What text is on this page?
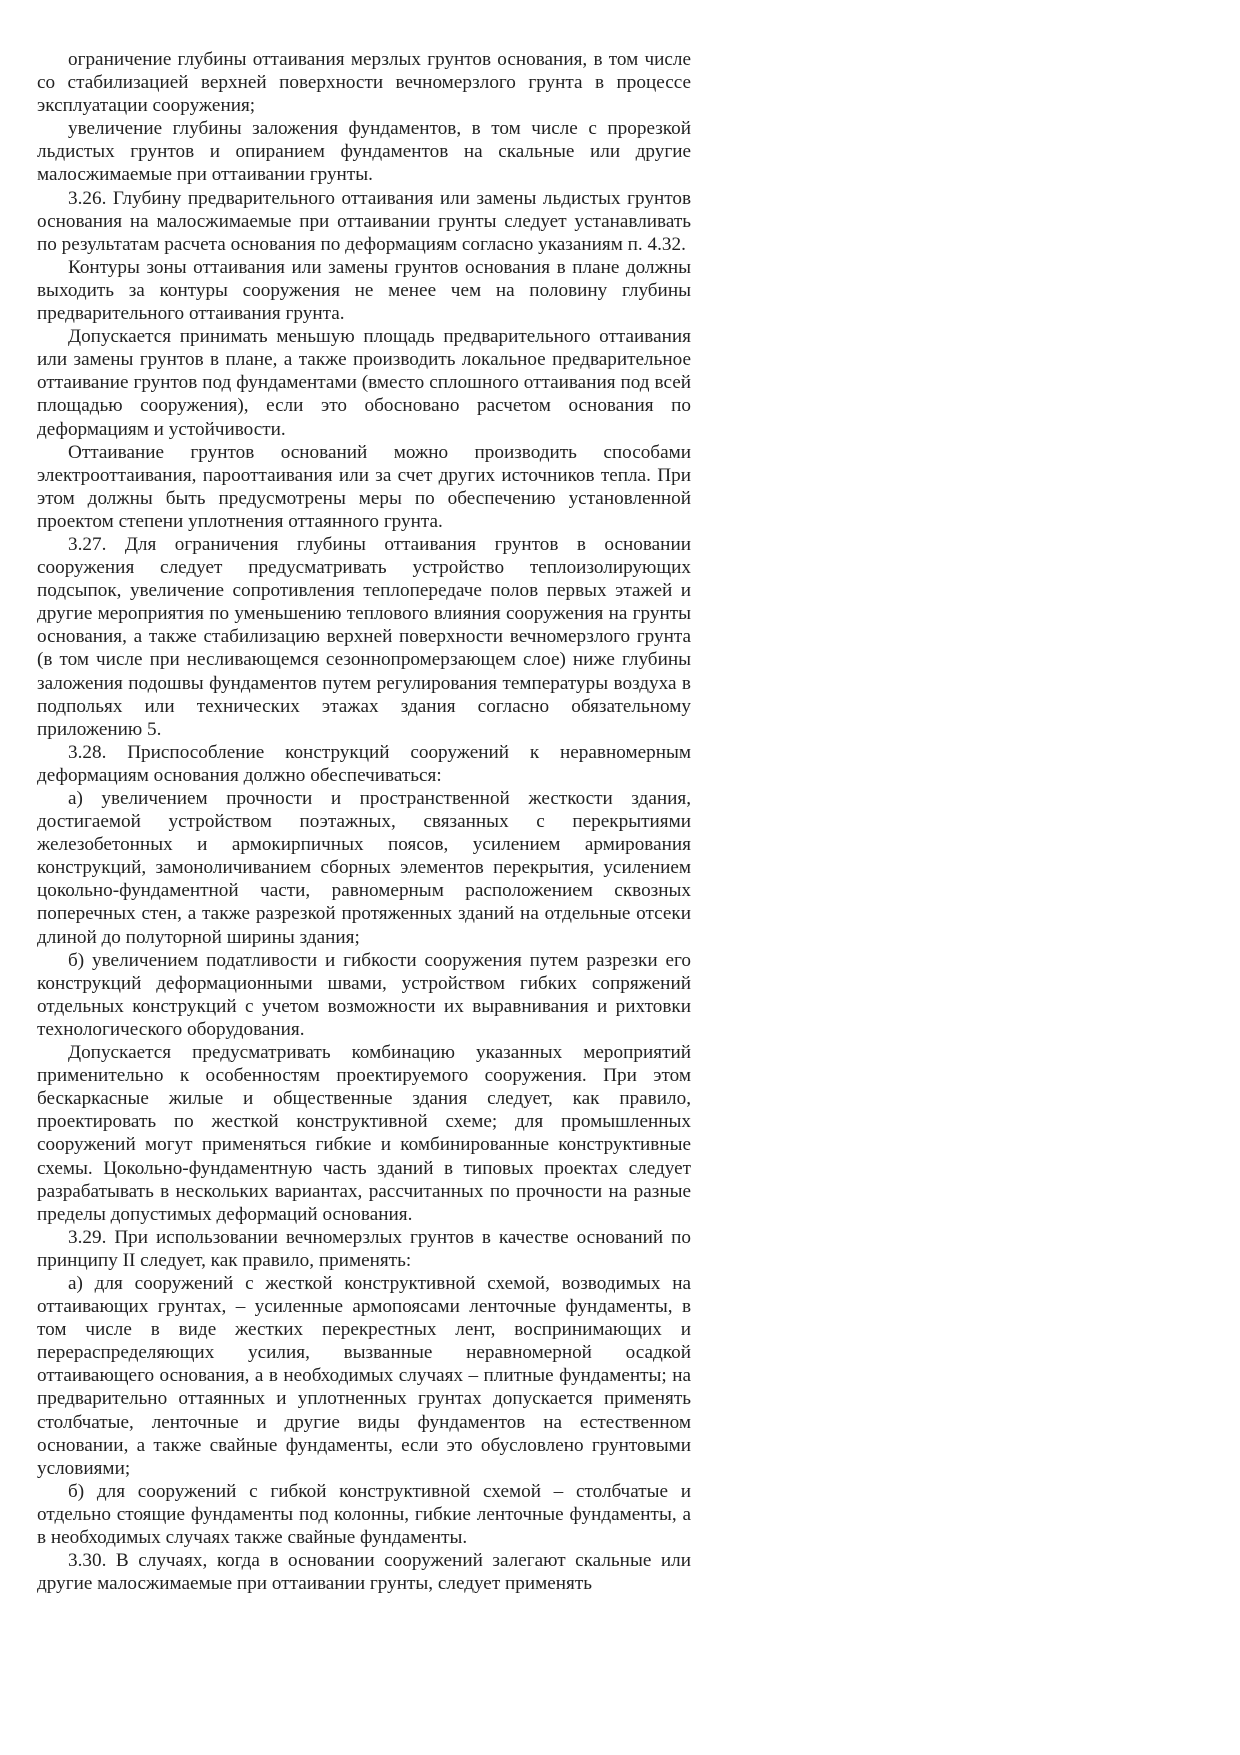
ограничение глубины оттаивания мерзлых грунтов основания, в том числе со стабилизацией верхней поверхности вечномерзлого грунта в процессе эксплуатации сооружения;

увеличение глубины заложения фундаментов, в том числе с прорезкой льдистых грунтов и опиранием фундаментов на скальные или другие малосжимаемые при оттаивании грунты.

3.26. Глубину предварительного оттаивания или замены льдистых грунтов основания на малосжимаемые при оттаивании грунты следует устанавливать по результатам расчета основания по деформациям согласно указаниям п. 4.32.

Контуры зоны оттаивания или замены грунтов основания в плане должны выходить за контуры сооружения не менее чем на половину глубины предварительного оттаивания грунта.

Допускается принимать меньшую площадь предварительного оттаивания или замены грунтов в плане, а также производить локальное предварительное оттаивание грунтов под фундаментами (вместо сплошного оттаивания под всей площадью сооружения), если это обосновано расчетом основания по деформациям и устойчивости.

Оттаивание грунтов оснований можно производить способами электрооттаивания, парооттаивания или за счет других источников тепла. При этом должны быть предусмотрены меры по обеспечению установленной проектом степени уплотнения оттаянного грунта.

3.27. Для ограничения глубины оттаивания грунтов в основании сооружения следует предусматривать устройство теплоизолирующих подсыпок, увеличение сопротивления теплопередаче полов первых этажей и другие мероприятия по уменьшению теплового влияния сооружения на грунты основания, а также стабилизацию верхней поверхности вечномерзлого грунта (в том числе при несливающемся сезоннопромерзающем слое) ниже глубины заложения подошвы фундаментов путем регулирования температуры воздуха в подпольях или технических этажах здания согласно обязательному приложению 5.

3.28. Приспособление конструкций сооружений к неравномерным деформациям основания должно обеспечиваться:

а) увеличением прочности и пространственной жесткости здания, достигаемой устройством поэтажных, связанных с перекрытиями железобетонных и армокирпичных поясов, усилением армирования конструкций, замоноличиванием сборных элементов перекрытия, усилением цокольно-фундаментной части, равномерным расположением сквозных поперечных стен, а также разрезкой протяженных зданий на отдельные отсеки длиной до полуторной ширины здания;

б) увеличением податливости и гибкости сооружения путем разрезки его конструкций деформационными швами, устройством гибких сопряжений отдельных конструкций с учетом возможности их выравнивания и рихтовки технологического оборудования.

Допускается предусматривать комбинацию указанных мероприятий применительно к особенностям проектируемого сооружения. При этом бескаркасные жилые и общественные здания следует, как правило, проектировать по жесткой конструктивной схеме; для промышленных сооружений могут применяться гибкие и комбинированные конструктивные схемы. Цокольно-фундаментную часть зданий в типовых проектах следует разрабатывать в нескольких вариантах, рассчитанных по прочности на разные пределы допустимых деформаций основания.

3.29. При использовании вечномерзлых грунтов в качестве оснований по принципу II следует, как правило, применять:

а) для сооружений с жесткой конструктивной схемой, возводимых на оттаивающих грунтах, – усиленные армопоясами ленточные фундаменты, в том числе в виде жестких перекрестных лент, воспринимающих и перераспределяющих усилия, вызванные неравномерной осадкой оттаивающего основания, а в необходимых случаях – плитные фундаменты; на предварительно оттаянных и уплотненных грунтах допускается применять столбчатые, ленточные и другие виды фундаментов на естественном основании, а также свайные фундаменты, если это обусловлено грунтовыми условиями;

б) для сооружений с гибкой конструктивной схемой – столбчатые и отдельно стоящие фундаменты под колонны, гибкие ленточные фундаменты, а в необходимых случаях также свайные фундаменты.

3.30. В случаях, когда в основании сооружений залегают скальные или другие малосжимаемые при оттаивании грунты, следует применять
